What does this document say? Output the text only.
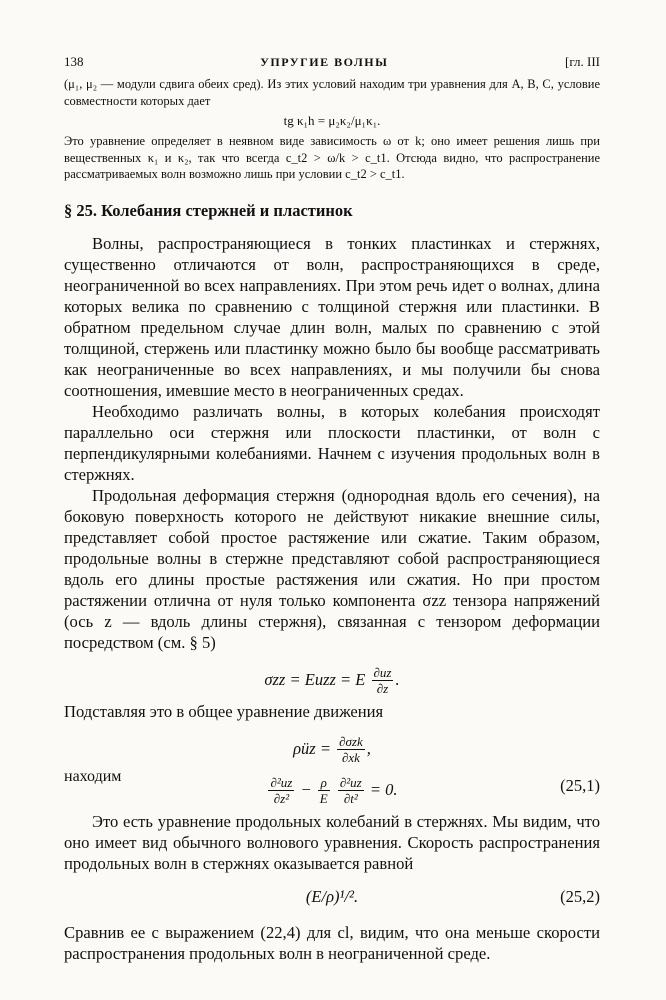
138	УПРУГИЕ ВОЛНЫ	[гл. III

(μ₁, μ₂ — модули сдвига обеих сред). Из этих условий находим три уравнения для A, B, C, условие совместности которых дает

tg κ₁h = μ₂κ₂/μ₁κ₁.

Это уравнение определяет в неявном виде зависимость ω от k; оно имеет решения лишь при вещественных κ₁ и κ₂, так что всегда c_t2 > ω/k > c_t1. Отсюда видно, что распространение рассматриваемых волн возможно лишь при условии c_t2 > c_t1.

§ 25. Колебания стержней и пластинок

Волны, распространяющиеся в тонких пластинках и стержнях, существенно отличаются от волн, распространяющихся в среде, неограниченной во всех направлениях. При этом речь идет о волнах, длина которых велика по сравнению с толщиной стержня или пластинки. В обратном предельном случае длин волн, малых по сравнению с этой толщиной, стержень или пластинку можно было бы вообще рассматривать как неограниченные во всех направлениях, и мы получили бы снова соотношения, имевшие место в неограниченных средах.

Необходимо различать волны, в которых колебания происходят параллельно оси стержня или плоскости пластинки, от волн с перпендикулярными колебаниями. Начнем с изучения продольных волн в стержнях.

Продольная деформация стержня (однородная вдоль его сечения), на боковую поверхность которого не действуют никакие внешние силы, представляет собой простое растяжение или сжатие. Таким образом, продольные волны в стержне представляют собой распространяющиеся вдоль его длины простые растяжения или сжатия. Но при простом растяжении отлична от нуля только компонента σzz тензора напряжений (ось z — вдоль длины стержня), связанная с тензором деформации посредством (см. § 5)

σzz = Euzz = E $\frac{\partial uz}{\partial z}$ .

Подставляя это в общее уравнение движения

ρüz = $\frac{\text{∂σzk}}{\partial xk}$ ,
находим	$\frac{\text{∂²uz}}{\text{∂z²}} - \frac{\rho}{E}$
$\frac{\text{∂²uz}}{\text{∂t²}} = 0$.	(25,1)

Это есть уравнение продольных колебаний в стержнях. Мы видим, что оно имеет вид обычного волнового уравнения. Скорость распространения продольных волн в стержнях оказывается равной

(E/ρ)¹/².	(25,2)

Сравнив ее с выражением (22,4) для cl, видим, что она меньше скорости распространения продольных волн в неограниченной среде.
